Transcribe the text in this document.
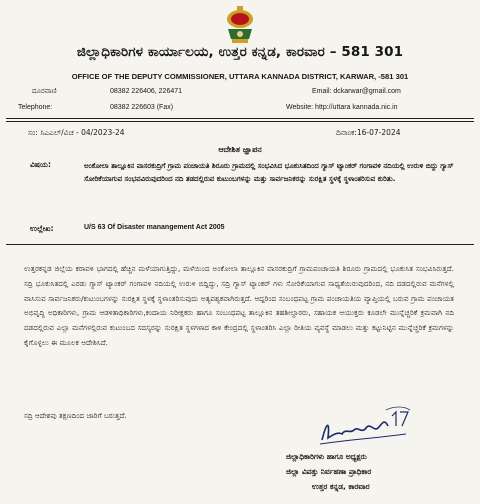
ಜಿಲ್ಲಾಧಿಕಾರಿಗಳ ಕಾರ್ಯಾಲಯ, ಉತ್ತರ ಕನ್ನಡ, ಕಾರವಾರ – 581 301
OFFICE OF THE DEPUTY COMMISSIONER, UTTARA KANNADA DISTRICT, KARWAR, -581 301
ದೂರವಾಣಿ	08382 226406, 226471	Email: dckarwar@gmail.com
Telephone:	08382 226603 (Fax)	Website: http://uttara kannada.nic.in
ಸಂ: ಸಿಎಎಲ್/ವಿಚ - 04/2023-24	ದಿನಾಂಕ:16-07-2024
ಆದೇಶಿತ ಜ್ಞಾಪನ
ವಿಷಯ:	ಅಂಕೋಲಾ ತಾಲ್ಲೂಕಿನ ವಾಸರಕುದ್ರಿಗೆ ಗ್ರಾಮ ಪಂಚಾಯತಿ ಶಿರೂರು ಗ್ರಾಮದಲ್ಲಿ ಸಂಭವಿಸಿದ ಭೂಕುಸಿತದಿಂದ ಗ್ಯಾಸ್ ಟ್ಯಾಂಕರ್ ಗಂಗಾವಳಿ ನದಿಯಲ್ಲಿ ಉರುಳಿ ಬಿದ್ದು ಗ್ಯಾಸ್ ಸೋರಿಕೆಯಾಗುವ ಸಂಭವವಿರುವುದರಿಂದ ನದಿ ತಡದಲ್ಲಿರುವ ಕುಟುಂಬಗಳನ್ನು ಮತ್ತು ಸಾರ್ವಜನಿಕರನ್ನು ಸುರಕ್ಷಿತ ಸ್ಥಳಕ್ಕೆ ಸ್ಥಳಾಂತರಿಸುವ ಕುರಿತು.
ಉಲ್ಲೇಖ:	U/S 63 Of Disaster manangement Act 2005
ಉತ್ತರಕನ್ನಡ ಜಿಲ್ಲೆಯ ಕರಾವಳಿ ಭಾಗದಲ್ಲಿ ಹೆಚ್ಚಿನ ಮಳೆಯಾಗುತ್ತಿದ್ದು, ಮಳೆಯಿಂದ ಅಂಕೋಲಾ ತಾಲ್ಲೂಕಿನ ವಾಸರಕುದ್ರಿಗೆ ಗ್ರಾಮಪಂಚಾಯತಿ ಶಿರೂರು ಗ್ರಾಮದಲ್ಲಿ ಭೂಕುಸಿತ ಸಂಭವಿಸಿರುತ್ತದೆ. ಸದ್ರಿ ಭೂಕುಸಿತದಲ್ಲಿ ಎರಡು ಗ್ಯಾಸ್ ಟ್ಯಾಂಕರ್ ಗಂಗಾವಳಿ ನದಿಯಲ್ಲಿ ಉರುಳಿ ಬಿದ್ದಿದ್ದು, ಸದ್ರಿ ಗ್ಯಾಸ್ ಟ್ಯಾಂಕರ್ ಗಳು ಸೋರಿಕೆಯಾಗುವ ಸಾಧ್ಯತೆಯಿರುವುದರಿಂದ, ನದಿ ದಡದಲ್ಲಿರುವ ಮನೆಗಳಲ್ಲಿ ವಾಸಿಸುವ ಸಾರ್ವಜನಿಕರು/ಕುಟುಂಬಗಳನ್ನು ಸುರಕ್ಷಿತ ಸ್ಥಳಕ್ಕೆ ಸ್ಥಳಾಂತರಿಸುವುದು ಅತ್ಯವಶ್ಯಕವಾಗಿರುತ್ತದೆ. ಆದ್ದರಿಂದ ಸಂಬಂಧಪಟ್ಟ ಗ್ರಾಮ ಪಂಚಾಯತಿಯ ವ್ಯಾಪ್ತಿಯಲ್ಲಿ ಬರುವ ಗ್ರಾಮ ಪಂಚಾಯತ ಅಭಿವೃದ್ಧಿ ಅಧಿಕಾರಿಗಳು, ಗ್ರಾಮ ಆಡಳಿತಾಧಿಕಾರಿಗಳು,ಕಂದಾಯ ನಿರೀಕ್ಷಕರು ಹಾಗೂ ಸಂಬಂಧಪಟ್ಟ ತಾಲ್ಲೂಕಿನ ತಹಶೀಲ್ದಾರರು, ಸಹಾಯಕ ಆಯುಕ್ತರು ಕೂಡಲೇ ಮುನ್ನೆಚ್ಚರಿಕೆ ಕ್ರಮವಾಗಿ ನದಿ ದಡದಲ್ಲಿರುವ ಎಲ್ಲಾ ಮನೆಗಳಲ್ಲಿರುವ ಕುಟುಂಬದ ಸದಸ್ಯರನ್ನು ಸುರಕ್ಷಿತ ಸ್ಥಳಗಳಾದ ಕಾಳಿ ಕೇಂದ್ರದಲ್ಲಿ ಸ್ಥಳಾಂತರಿಸಿ ಎಲ್ಲಾ ರೀತಿಯ ವ್ಯವಸ್ಥೆ ಮಾಡಲು ಮತ್ತು ಕಟ್ಟುನಿಟ್ಟಿನ ಮುನ್ನೆಚ್ಚರಿಕೆ ಕ್ರಮಗಳನ್ನು ಕೈಗೊಳ್ಳಲು ಈ ಮೂಲಕ ಆದೇಶಿಸಿದೆ.
ಸದ್ರಿ ಆದೇಶವು ತಕ್ಷಣದಿಂದ ಜಾರಿಗೆ ಬರುತ್ತದೆ.
ಜಿಲ್ಲಾಧಿಕಾರಿಗಳು ಹಾಗೂ ಅಧ್ಯಕ್ಷರು
ಜಿಲ್ಲಾ ವಿಪತ್ತು ನಿರ್ವಹಣಾ ಪ್ರಾಧಿಕಾರ
ಉತ್ತರ ಕನ್ನಡ, ಕಾರವಾರ
